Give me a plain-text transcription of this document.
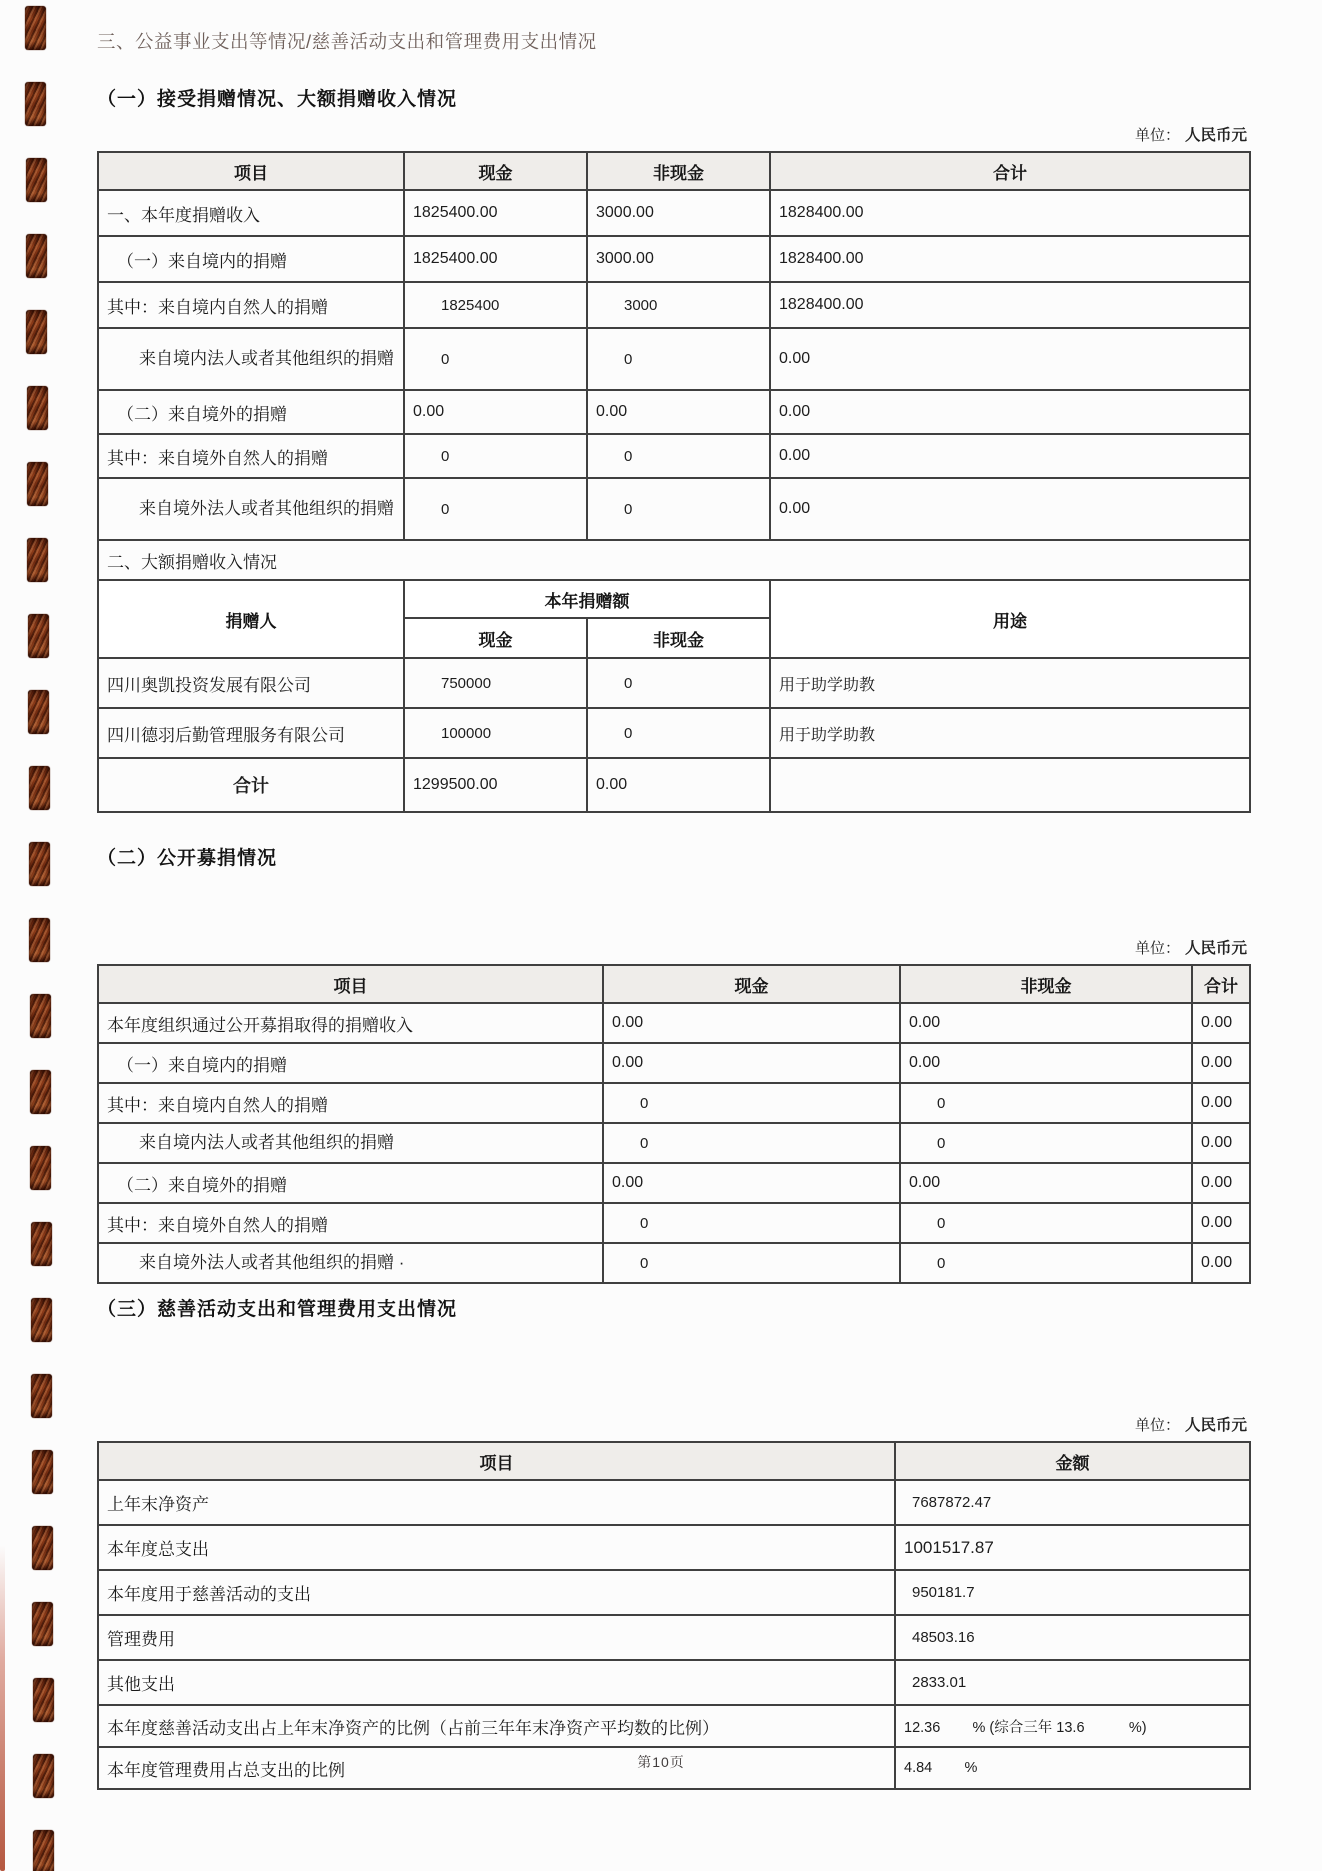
三、公益事业支出等情况/慈善活动支出和管理费用支出情况
（一）接受捐赠情况、大额捐赠收入情况
单位： 人民币元
项目	现金	非现金	合计
一、本年度捐赠收入	1825400.00	3000.00	1828400.00
（一）来自境内的捐赠	1825400.00	3000.00	1828400.00
其中：来自境内自然人的捐赠	1825400	3000	1828400.00
来自境内法人或者其他组织的捐赠	0	0	0.00
（二）来自境外的捐赠	0.00	0.00	0.00
其中：来自境外自然人的捐赠	0	0	0.00
来自境外法人或者其他组织的捐赠	0	0	0.00
二、大额捐赠收入情况			
捐赠人	本年捐赠额		用途
	现金	非现金	
四川奥凯投资发展有限公司	750000	0	用于助学助教
四川德羽后勤管理服务有限公司	100000	0	用于助学助教
合计	1299500.00	0.00	
（二）公开募捐情况
单位： 人民币元
项目	现金	非现金	合计
本年度组织通过公开募捐取得的捐赠收入	0.00	0.00	0.00
（一）来自境内的捐赠	0.00	0.00	0.00
其中：来自境内自然人的捐赠	0	0	0.00
来自境内法人或者其他组织的捐赠	0	0	0.00
（二）来自境外的捐赠	0.00	0.00	0.00
其中：来自境外自然人的捐赠	0	0	0.00
来自境外法人或者其他组织的捐赠 ·	0	0	0.00
（三）慈善活动支出和管理费用支出情况
单位： 人民币元
项目	金额
上年末净资产	7687872.47
本年度总支出	1001517.87
本年度用于慈善活动的支出	950181.7
管理费用	48503.16
其他支出	2833.01
本年度慈善活动支出占上年末净资产的比例（占前三年年末净资产平均数的比例）	12.36        % (综合三年 13.6           %)
本年度管理费用占总支出的比例	4.84        %
第10页
